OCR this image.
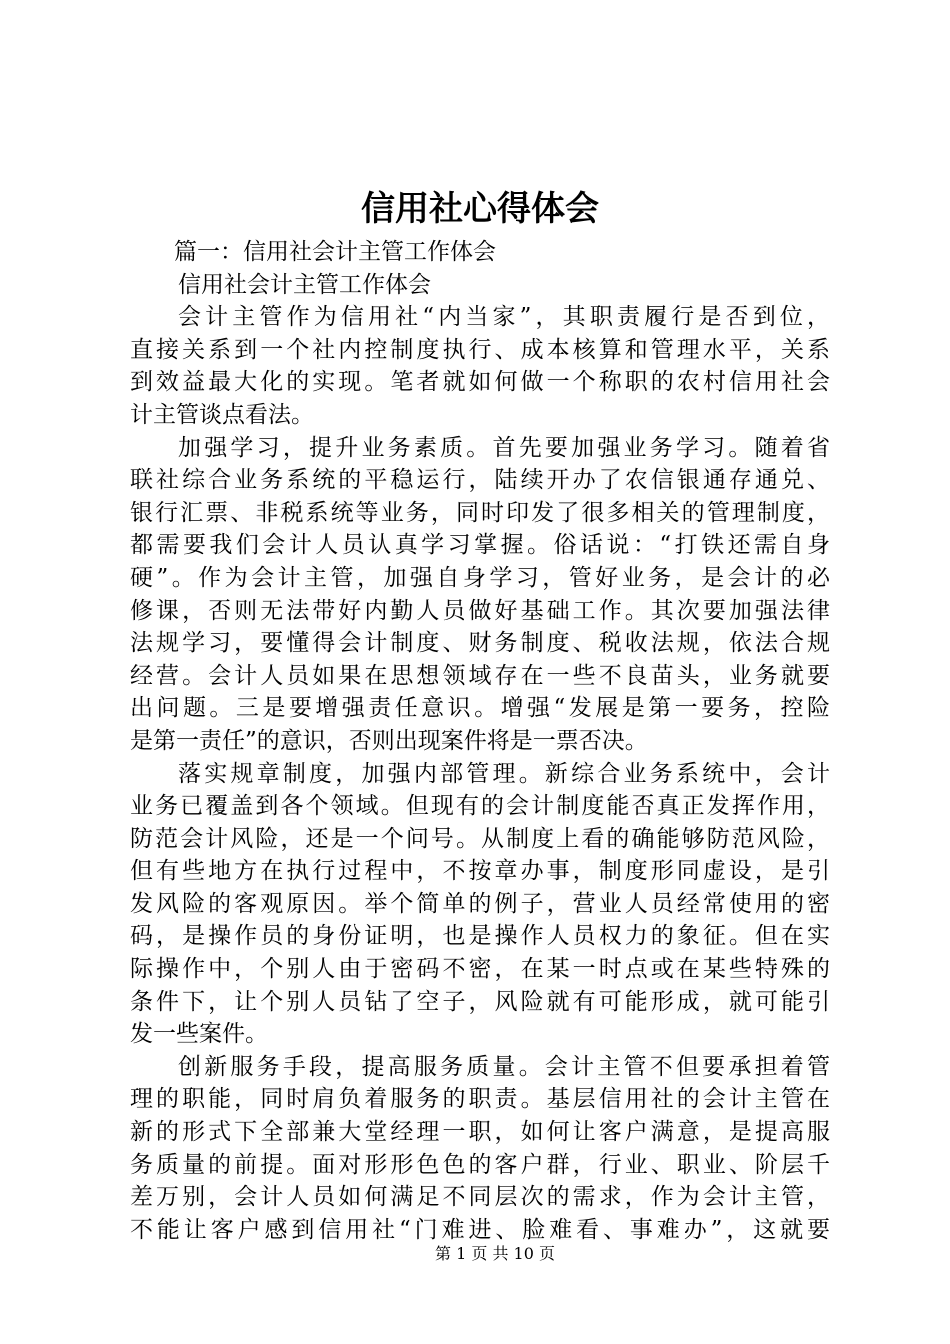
信用社心得体会

篇一：信用社会计主管工作体会

信用社会计主管工作体会

会计主管作为信用社“内当家”，其职责履行是否到位，

直接关系到一个社内控制度执行、成本核算和管理水平，关系

到效益最大化的实现。笔者就如何做一个称职的农村信用社会

计主管谈点看法。

加强学习，提升业务素质。首先要加强业务学习。随着省

联社综合业务系统的平稳运行，陆续开办了农信银通存通兑、

银行汇票、非税系统等业务，同时印发了很多相关的管理制度，

都需要我们会计人员认真学习掌握。俗话说：“打铁还需自身

硬”。作为会计主管，加强自身学习，管好业务，是会计的必

修课，否则无法带好内勤人员做好基础工作。其次要加强法律

法规学习，要懂得会计制度、财务制度、税收法规，依法合规

经营。会计人员如果在思想领域存在一些不良苗头，业务就要

出问题。三是要增强责任意识。增强“发展是第一要务，控险

是第一责任”的意识，否则出现案件将是一票否决。

落实规章制度，加强内部管理。新综合业务系统中，会计

业务已覆盖到各个领域。但现有的会计制度能否真正发挥作用，

防范会计风险，还是一个问号。从制度上看的确能够防范风险，

但有些地方在执行过程中，不按章办事，制度形同虚设，是引

发风险的客观原因。举个简单的例子，营业人员经常使用的密

码，是操作员的身份证明，也是操作人员权力的象征。但在实

际操作中，个别人由于密码不密，在某一时点或在某些特殊的

条件下，让个别人员钻了空子，风险就有可能形成，就可能引

发一些案件。

创新服务手段，提高服务质量。会计主管不但要承担着管

理的职能，同时肩负着服务的职责。基层信用社的会计主管在

新的形式下全部兼大堂经理一职，如何让客户满意，是提高服

务质量的前提。面对形形色色的客户群，行业、职业、阶层千

差万别，会计人员如何满足不同层次的需求，作为会计主管，

不能让客户感到信用社“门难进、脸难看、事难办”，这就要

第 1 页 共 10 页
